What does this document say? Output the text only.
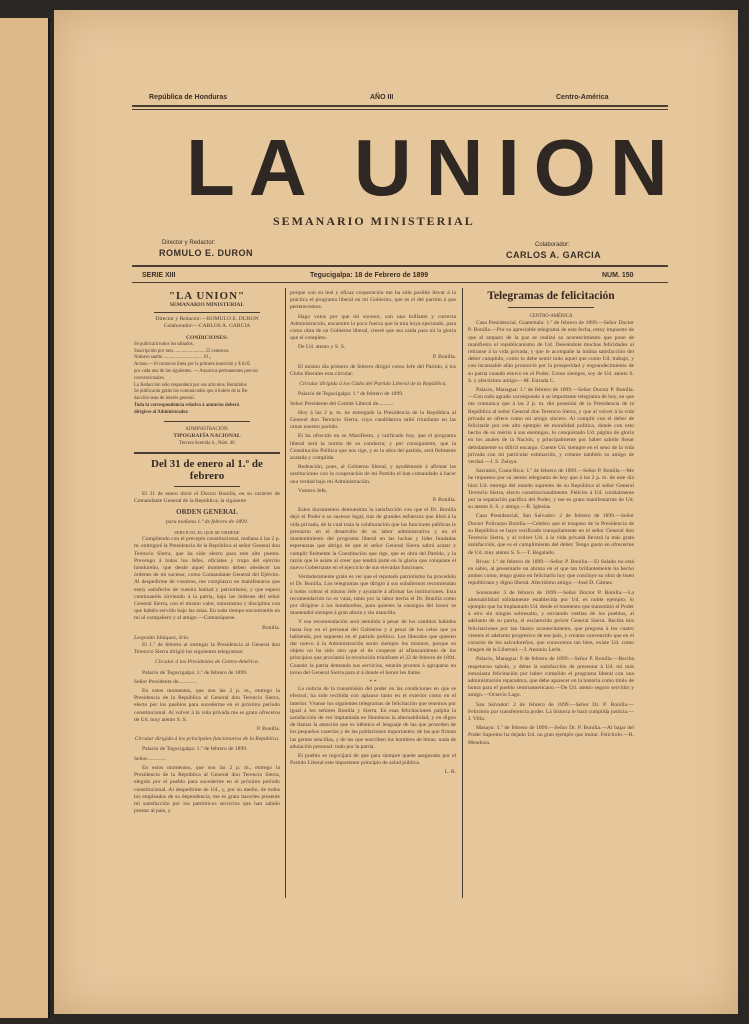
República de Honduras	AÑO III	Centro-América
LA UNION
SEMANARIO MINISTERIAL
Director y Redactor:
ROMULO E. DURON
Colaborador:
CARLOS A. GARCIA
SERIE XIII	Tegucigalpa: 18 de Febrero de 1899	NUM. 150
"LA UNION"
SEMANARIO MINISTERIAL
Director y Redactor:—ROMULO E. DURON
Colaborador:—CARLOS A. GARCIA
CONDICIONES:
Se publicará todos los sábados.
Suscripción por mes.......................... 25 centavos.
Número suelto ................................ 10 „
Avisos.—10 centavos línea por la primera inserción y $ 0.05
por cada una de las siguientes. — Anuncios permanentes precios
convencionales.
La Redacción sólo responderá por sus artículos. Remitidos
Se publicarán gratis los comunicados que á bulelo de la Re-
dacción sean de interés general.
Toda la correspondencia relativa á anuncios deberá
dirigirse al Administrador.
ADMINISTRACIÓN:
TIPOGRAFÍA NACIONAL
Tercera Avenida S., Núm. 40
Del 31 de enero al 1.º de febrero

El 31 de enero dictó el Doctor Bonilla, en su carácter de Comandante General de la República, la siguiente

ORDEN GENERAL
para mañana 1.º de febrero de 1899.
SERVICIO, EL QUE SE ORDENE

Cumpliendo con el precepto constitucional, mañana á las 2 p. m. entregaré la Presidencia de la República al señor General don Terencio Sierra, que ha sido electo para este alto puesto. Prevengo á todos los Jefes, oficiales y tropa del ejército hondureño, que desde aquel momento deben obedecer las órdenes de mi sucesor, como Comandante General del Ejército. Al despedirme de vosotros, me complazco en manifestaros que estoy satisfecho de vuestra lealtad y patriotismo, y que espero continuaréis sirviendo á la patria, bajo las órdenes del señor General Sierra, con el mismo valor, entusiasmo y disciplina con que habéis servido bajo las mías. En todo tiempo encontraréis en mí al compañero y al amigo.—Comuníquese.

Bonilla.
Leopoldo Idiáquez, Srio.

El 1.º de febrero al entregar la Presidencia al General don Terencio Sierra dirigió los siguientes telegramas:

Circular á los Presidentes de Centro-América.

Palacio de Tegucigalpa: 1.º de febrero de 1899.

Señor Presidente de.............

En estos momentos, que son las 2 p. m., entrego la Presidencia de la República al General don Terencio Sierra, electo por los pueblos para sucederme en el próximo período constitucional. Al volver á la vida privada me es grato ofreceros de Ud. muy atento S. S.

P. Bonilla.
Circular dirigida á los principales funcionarios de la República.

Palacio de Tegucigalpa: 1.º de febrero de 1899.

Señor..............

En estos momentos, que son las 2 p. m., entrego la Presidencia de la República al General don Terencio Sierra, elegido por el pueblo para sucederme en el próximo período constitucional. Al despedirme de Ud., y, por su medio, de todos los empleados de su dependencia, me es grato hacerles presente mi satisfacción por los patrióticos servicios que han sabido prestar al país, y

porque con su leal y eficaz cooperación me ha sido posible llevar á la práctica el programa liberal en mi Gobierno, que es el del partido á que pertenecemos.

Hago votos por que mi sucesor, con una brillante y correcta Administración, encuentre la poco fuerza que la mía hoya ejecutado, para como obra de un Gobierno liberal, creeré que sea caída para mí la gloria que el completo.

De Ud. atento y S. S.

P. Bonilla.

El mismo día primero de febrero dirigió como Jefe del Partido, á los Clubs liberales esta circular:

Circular dirigida á los Clubs del Partido Liberal de la República.

Palacio de Tegucigalpa: 1.º de febrero de 1899.

Señor Presidente del Comité Liberal de...........

Hoy á las 2 p. m. he entregado la Presidencia de la República al General don Terencio Sierra, cuya candidatura salió triunfante en las urnas nuestro partido.

El ha ofrecido en su Manifiesto, y ratificado hoy, que el programa liberal será la norma de su conducta; y por consiguiente, que la Constitución Política que nos rige, y es la obra del partido, será fielmente acatada y cumplida.

Redención, pues, al Gobierno liberal, y ayudémosle á afirmar las instituciones con la cooperación de mi Partido el han comandado á hacer una verdad bajo mi Administración.

Vuestro Jefe,

P. Bonilla.

Estos documentos demuestran la satisfacción con que el Dr. Bonilla dejó el Poder á su sucesor legal, tras de grandes esfuerzos que librá á la vida privada, de la cual traía la colaboración que las funciones públicas le prestaron en el desarrollo de su labor administrativa y en el mantenimiento del programa liberal en las luchas y lides fundadas esperanzas que abriga de que el señor General Sierra sabrá acatar y cumplir fielmente la Constitución que rige, que es obra del Partido, y la razón que le asiste al creer que tendrá parte en la gloria que conquiste el nuevo Gobernante en el ejercicio de sus elevadas funciones.

Verdaderamente grato es ver que el reputado patriotismo ha procedido el Dr. Bonilla. Los telegramas que dirigió á sus subalternos recomiendan á todos cobrar el mismo Jefe y ayudarle á afirmar las instituciones. Esta recomendación no es vana, tanto por la labor hecha el Dr. Bonilla como por dirigirse á los hondureños, para quienes la consigna del honor se mantendrá siempre á gran altura y sin mancilla.

Y esa recomendación será atendida á pesar de los cambios habidos hasta hoy en el personal del Gobierno y á pesar de los celos que ya habiendo, por supuesto en el partido político. Los liberales que quieren dar nuevo á la Administración serán siempre los mismos, porque su objeto no ha sido otro que el de cooperar al afianzamiento de los principios que proclamó la revolución triunfante el 22 de febrero de 1894. Cuando la patria demanda sus servicios, estarán prontos á agruparse en torno del General Sierra para ir á donde el honor les llame.

* *

La noticia de la transmisión del poder en las condiciones en que se efectuó, ha sido recibida con aplauso tanto en el exterior como en el interior. Véanse los siguientes telegramas de felicitación que tenemos por igual á los señores Bonilla y Sierra. En esas felicitaciones palpita la satisfacción de ver implantada en Honduras la alternabilidad; y en digno de llamar la atención que es idéntico el lenguaje de las que proceden de los pequeños caseríos y de las poblaciones importantes; de las que firman las gentes sencillas, y de las que suscriben los hombres de letras: nada de adulación personal: todo por la patria.

El pueblo se regocijará de que para siempre quede asegurado por el Partido Liberal este importante principio de salud pública.

L. R.
Telegramas de felicitación
CENTRO-AMÉRICA

Casa Presidencial, Guatemala: 1.º de febrero de 1899.—Señor Doctor P. Bonilla.—Por su apreciable telegrama de esta fecha, estoy impuesto de que al amparo de la paz se realizó su acontecimiento que pone de manifiesto el republicanismo de Ud. Deseándole muchas felicidades al retirarse á la vida privada, y que le acompañe la íntima satisfacción del deber cumplido, como lo debe sentir todo aquel que como Ud. trabajó, y con incansable afán promovió por la prosperidad y engrandecimiento de su patria cuando estuvo en el Poder. Como siempre, soy de Ud. atento S. S. y afectísimo amigo.—M. Estrada C.

Palacio, Managua: 1.º de febrero de 1899.—Señor Doctor P. Bonilla.—Con todo agrado correspondo á su importante telegrama de hoy, en que me comunica que á las 2 p. m. dió posesión de la Presidencia de la República al señor General don Terencio Sierra, y que al volver á la vida privada se ofrece como mi amigo sincero. Al cumplir con el deber de felicitarle por ese alto ejemplo de moralidad política, donde con esto hecho de su mérito á sus enemigos, lo conquistado Ud. página de gloria en los anales de la Nación, y principalmente por haber sabido llenar debidamente su difícil encargo. Cuente Ud. siempre en el seno de la vida privada con mi particular estimación, y créame también su amigo de verdad.—J. S. Zelaya.

Sacramó, Costa-Rica: 1.º de febrero de 1899.—Señor P. Bonilla.—Me he impuesto por su atento telegrama de hoy que á las 2 p. m. de este día hizo Ud. entrega del mando supremo de su República al señor General Terencio Sierra, electo constitucionalmente. Felicito á Ud. cordialmente por la separación pacífica del Poder, y me es grato manifestarme de Ud. su atento S. S. y amigo.—R. Iglesias.

Casa Presidencial, San Salvador: 2 de febrero de 1899.—Señor Doctor Policarpo Bonilla.—Celebro que el traspaso de la Presidencia de su República se haya verificado tranquilamente en el señor General don Terencio Sierra, y al volver Ud. á la vida privada llevará la más grata satisfacción, que es el cumplimiento del deber. Tengo gusto en ofrecerme de Ud. muy atento S. S.—T. Regalado.

Rivas: 1.º de febrero de 1899.—Señor P. Bonilla.—El Salado no está en sabio, al presentarle un abrazo en el que tan brillantemente ha hecho ambos como, tengo gusto en felicitarlo hoy que concluye su obra de buen republicano y digno liberal. Afectísimo amigo.—José D. Gámez.

Sonsonate: 3 de febrero de 1899.—Señor Doctor P. Bonilla.—La alternabilidad sólidamente establecida por Ud. es noble ejemplo; lo ejemplo que ha implantado Ud. desde el momento que transmitió el Poder á otro sin ningún sobresalto, y enviando vueltas de los pueblos, al adelanto de su patria, el esclarecido prócer General Sierra. Reciba mis felicitaciones por tan fausto acontecimiento, que pregona á los cuatro vientos el adelanto progresivo de ese país, y créame convencido que en el corazón de los salvadoreños, que conocemos tan bien, existe Ud. como imagen de la Libertad.—J. Antonio Lerín.

Palacio, Managua: 9 de febrero de 1899.—Señor P. Bonilla.—Reciba respetuoso saludo, y déme la satisfacción de presentar á Ud. mi más entusiasta felicitación por haber cumplido el programa liberal con una administración reparadora, que debe aparecer en la historia como título de honra para el pueblo centroamericano.—De Ud. atento seguro servidor y amigo.—Octavio Lago.

San Salvador: 2 de febrero de 1899.—Señor Dr. P. Bonilla.—Felicítolo por transferencia poder. La historia le hará cumplida justicia.—J. Villa.

Masaya: 1.º de febrero de 1899.—Señor Dr. P. Bonilla.—Al bajar del Poder Supremo ha dejado Ud. un gran ejemplo que imitar. Felicítolo.—R. Mendoza.
